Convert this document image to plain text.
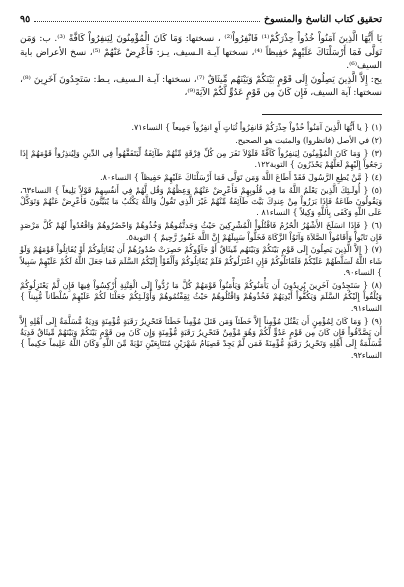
تحقيق كتاب الناسخ والمنسوخ
٩٥

يَا أَيُّهَا الَّذِينَ آمَنُواْ خُذُواْ حِذْرَكُمْ⁽¹⁾ فَانْفِرُواْ⁽²⁾ ، نسختها: وَمَا كَانَ الْمُؤْمِنُونَ لِيَنفِرُواْ كَافَّةً ⁽³⁾. ب: وَمَن تَوَلَّى فَمَا أَرْسَلْنَاكَ عَلَيْهِمْ حَفِيظاً ⁽⁴⁾، نسختها آيـة الـسيف، يـز: فَأَعْرِضْ عَنْهُمْ ⁽⁵⁾، نسخ الأعراض باية السيف⁽⁶⁾.

يح: إِلاَّ الَّذِينَ يَصِلُونَ إِلَى قَوْمٍ بَيْنَكُمْ وَبَيْنَهُم مِّيثَاقٌ ⁽⁷⁾، نسختها: آيـة الـسيف، يـط: سَتَجِدُونَ آخَرِينَ ⁽⁸⁾، نسختها: آية السيف، فَإِن كَانَ مِن قَوْمٍ عَدُوٍّ لَّكُمْ الآيَةَ⁽⁹⁾،

(١) { يا أَيُّهَا الَّذِينَ آمَنُواْ خُذُواْ حِذْرَكُمْ فَانفِرُواْ ثُبَاتٍ أَوِ انفِرُواْ جَمِيعاً } النساء٧١.

(٢) في الأصل (فانظروا) والمثبت هو الصحيح.

(٣) { وَمَا كَانَ الْمُؤْمِنُونَ لِيَنفِرُواْ كَآفَّةً فَلَوْلاَ نَفَرَ مِن كُلِّ فِرْقَةٍ مِّنْهُمْ طَآئِفَةٌ لِّيَتَفَقَّهُواْ فِي الدِّينِ وَلِيُنذِرُواْ قَوْمَهُمْ إِذَا رَجَعُواْ إِلَيْهِمْ لَعَلَّهُمْ يَحْذَرُونَ } التوبة١٢٢.

(٤) { مَّنْ يُطِعِ الرَّسُولَ فَقَدْ أَطَاعَ اللَّهَ وَمَن تَوَلَّى فَمَا أَرْسَلْنَاكَ عَلَيْهِمْ حَفِيظاً } النساء٨٠.

(٥) { أُولَـئِكَ الَّذِينَ يَعْلَمُ اللَّهُ مَا فِي قُلُوبِهِمْ فَأَعْرِضْ عَنْهُمْ وَعِظْهُمْ وَقُل لَّهُمْ فِي أَنفُسِهِمْ قَوْلاً بَلِيغاً } النساء٦٣، وَيَقُولُونَ طَاعَةٌ فَإِذَا بَرَزُواْ مِنْ عِندِكَ بَيَّتَ طَآئِفَةٌ مِّنْهُمْ غَيْرَ الَّذِي تَقُولُ وَاللَّهُ يَكْتُبُ مَا يُبَيِّتُونَ فَأَعْرِضْ عَنْهُمْ وَتَوَكَّلْ عَلَى اللَّهِ وَكَفَى بِاللَّهِ وَكِيلاً } النساء٨١ .

(٦) { فَإِذَا انسَلَخَ الأَشْهُرُ الْحُرُمُ فَاقْتُلُواْ الْمُشْرِكِينَ حَيْثُ وَجَدتُّمُوهُمْ وَخُذُوهُمْ وَاحْصُرُوهُمْ وَاقْعُدُواْ لَهُمْ كُلَّ مَرْصَدٍ فَإِن تَابُواْ وَأَقَامُواْ الصَّلاَةَ وَآتَوُاْ الزَّكَاةَ فَخَلُّواْ سَبِيلَهُمْ إِنَّ اللَّهَ غَفُورٌ رَّحِيمٌ } التوبة٥.

(٧) { إِلاَّ الَّذِينَ يَصِلُونَ إِلَى قَوْمٍ بَيْنَكُمْ وَبَيْنَهُم مِّيثَاقٌ أَوْ جَآؤُوكُمْ حَصِرَتْ صُدُورُهُمْ أَن يُقَاتِلُوكُمْ أَوْ يُقَاتِلُواْ قَوْمَهُمْ وَلَوْ شَاء اللَّهُ لَسَلَّطَهُمْ عَلَيْكُمْ فَلَقَاتَلُوكُمْ فَإِنِ اعْتَزَلُوكُمْ فَلَمْ يُقَاتِلُوكُمْ وَأَلْقَوْاْ إِلَيْكُمُ السَّلَمَ فَمَا جَعَلَ اللَّهُ لَكُمْ عَلَيْهِمْ سَبِيلاً } النساء٩٠.

(٨) { سَتَجِدُونَ آخَرِينَ يُرِيدُونَ أَن يَأْمَنُوكُمْ وَيَأْمَنُواْ قَوْمَهُمْ كُلَّ مَا رُدُّواْ إِلَى الْفِتْنِةِ أُرْكِسُواْ فِيهَا فَإِن لَّمْ يَعْتَزِلُوكُمْ وَيُلْقُواْ إِلَيْكُمُ السَّلَمَ وَيَكُفُّواْ أَيْدِيَهُمْ فَخُذُوهُمْ وَاقْتُلُوهُمْ حَيْثُ ثِقِفْتُمُوهُمْ وَأُوْلَـئِكُمْ جَعَلْنَا لَكُمْ عَلَيْهِمْ سُلْطَاناً مُّبِيناً } النساء٩١.

(٩) { وَمَا كَانَ لِمُؤْمِنٍ أَن يَقْتُلَ مُؤْمِناً إِلاَّ خَطَئاً وَمَن قَتَلَ مُؤْمِناً خَطَئاً فَتَحْرِيرُ رَقَبَةٍ مُّؤْمِنَةٍ وَدِيَةٌ مُّسَلَّمَةٌ إِلَى أَهْلِهِ إِلاَّ أَن يَصَّدَّقُواْ فَإِن كَانَ مِن قَوْمٍ عَدُوٍّ لَّكُمْ وَهُوَ مْؤْمِنٌ فَتَحْرِيرُ رَقَبَةٍ مُّؤْمِنَةٍ وَإِن كَانَ مِن قَوْمٍ بَيْنَكُمْ وَبَيْنَهُمْ مِّيثَاقٌ فَدِيَةٌ مُّسَلَّمَةٌ إِلَى أَهْلِهِ وَتَحْرِيرُ رَقَبَةٍ مُّؤْمِنَةً فَمَن لَّمْ يَجِدْ فَصِيَامُ شَهْرَيْنِ مُتَتَابِعَيْنِ تَوْبَةً مِّنَ اللَّهِ وَكَانَ اللَّهُ عَلِيماً حَكِيماً } النساء٩٢.
